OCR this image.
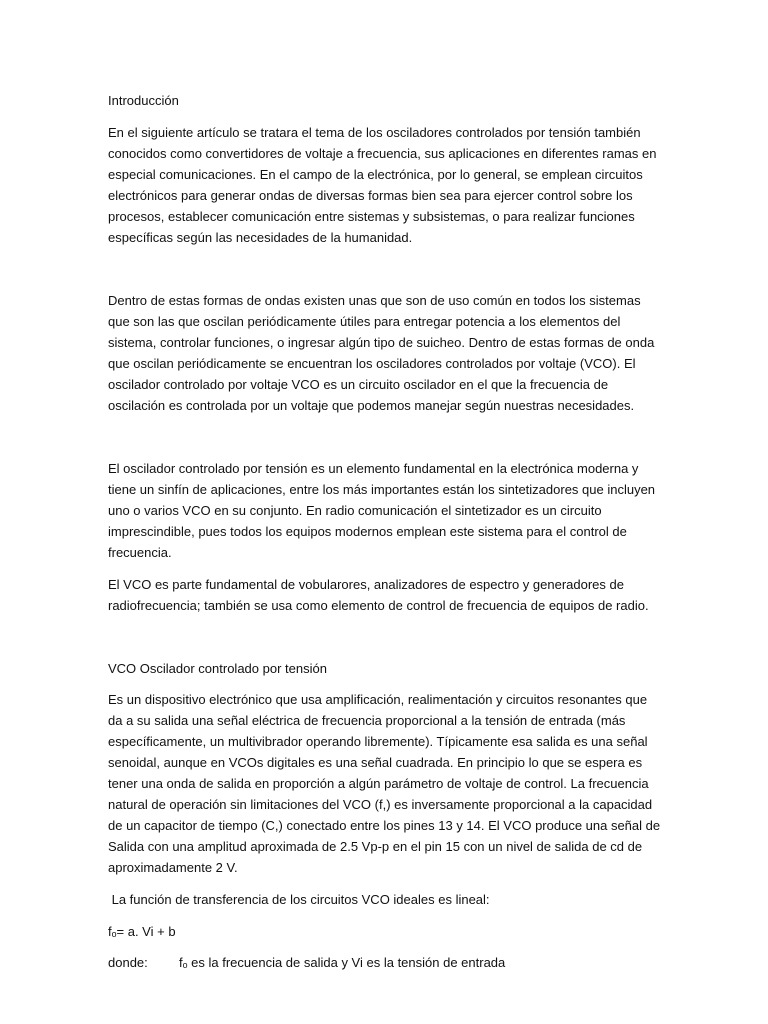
Introducción
En el siguiente artículo se tratara el tema de los osciladores controlados por tensión también
conocidos como convertidores de voltaje a frecuencia, sus aplicaciones en diferentes ramas en
especial comunicaciones. En el campo de la electrónica, por lo general, se emplean circuitos
electrónicos para generar ondas de diversas formas bien sea para ejercer control sobre los
procesos, establecer comunicación entre sistemas y subsistemas, o para realizar funciones
específicas según las necesidades de la humanidad.
Dentro de estas formas de ondas existen unas que son de uso común en todos los sistemas
que son las que oscilan periódicamente útiles para entregar potencia a los elementos del
sistema, controlar funciones, o ingresar algún tipo de suicheo. Dentro de estas formas de onda
que oscilan periódicamente se encuentran los osciladores controlados por voltaje (VCO). El
oscilador controlado por voltaje VCO es un circuito oscilador en el que la frecuencia de
oscilación es controlada por un voltaje que podemos manejar según nuestras necesidades.
El oscilador controlado por tensión es un elemento fundamental en la electrónica moderna y
tiene un sinfín de aplicaciones, entre los más importantes están los sintetizadores que incluyen
uno o varios VCO en su conjunto. En radio comunicación el sintetizador es un circuito
imprescindible, pues todos los equipos modernos emplean este sistema para el control de
frecuencia.
El VCO es parte fundamental de vobularores, analizadores de espectro y generadores de
radiofrecuencia; también se usa como elemento de control de frecuencia de equipos de radio.
VCO Oscilador controlado por tensión
Es un dispositivo electrónico que usa amplificación, realimentación y circuitos resonantes que
da a su salida una señal eléctrica de frecuencia proporcional a la tensión de entrada (más
específicamente, un multivibrador operando libremente). Típicamente esa salida es una señal
senoidal, aunque en VCOs digitales es una señal cuadrada. En principio lo que se espera es
tener una onda de salida en proporción a algún parámetro de voltaje de control. La frecuencia
natural de operación sin limitaciones del VCO (f,) es inversamente proporcional a la capacidad
de un capacitor de tiempo (C,) conectado entre los pines 13 y 14. El VCO produce una señal de
Salida con una amplitud aproximada de 2.5 Vp-p en el pin 15 con un nivel de salida de cd de
aproximadamente 2 V.
La función de transferencia de los circuitos VCO ideales es lineal:
fₒ= a. Vi + b
donde: fₒ es la frecuencia de salida y Vi es la tensión de entrada
